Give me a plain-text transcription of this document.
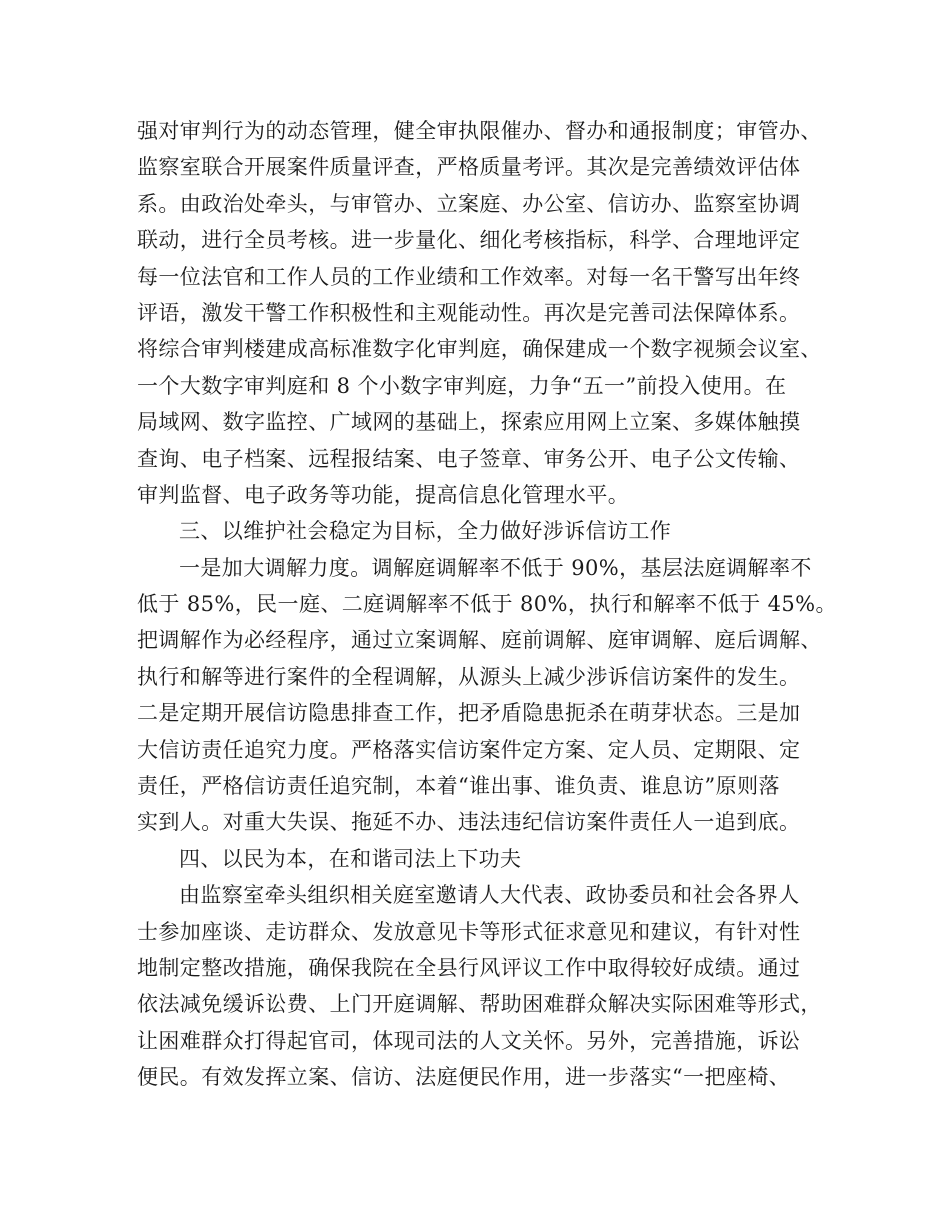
强对审判行为的动态管理，健全审执限催办、督办和通报制度；审管办、
监察室联合开展案件质量评查，严格质量考评。其次是完善绩效评估体
系。由政治处牵头，与审管办、立案庭、办公室、信访办、监察室协调
联动，进行全员考核。进一步量化、细化考核指标，科学、合理地评定
每一位法官和工作人员的工作业绩和工作效率。对每一名干警写出年终
评语，激发干警工作积极性和主观能动性。再次是完善司法保障体系。
将综合审判楼建成高标准数字化审判庭，确保建成一个数字视频会议室、
一个大数字审判庭和 8 个小数字审判庭，力争“五一”前投入使用。在
局域网、数字监控、广域网的基础上，探索应用网上立案、多媒体触摸
查询、电子档案、远程报结案、电子签章、审务公开、电子公文传输、
审判监督、电子政务等功能，提高信息化管理水平。
三、以维护社会稳定为目标，全力做好涉诉信访工作
一是加大调解力度。调解庭调解率不低于 90%，基层法庭调解率不
低于 85%，民一庭、二庭调解率不低于 80%，执行和解率不低于 45%。
把调解作为必经程序，通过立案调解、庭前调解、庭审调解、庭后调解、
执行和解等进行案件的全程调解，从源头上减少涉诉信访案件的发生。
二是定期开展信访隐患排查工作，把矛盾隐患扼杀在萌芽状态。三是加
大信访责任追究力度。严格落实信访案件定方案、定人员、定期限、定
责任，严格信访责任追究制，本着“谁出事、谁负责、谁息访”原则落
实到人。对重大失误、拖延不办、违法违纪信访案件责任人一追到底。
四、以民为本，在和谐司法上下功夫
由监察室牵头组织相关庭室邀请人大代表、政协委员和社会各界人
士参加座谈、走访群众、发放意见卡等形式征求意见和建议，有针对性
地制定整改措施，确保我院在全县行风评议工作中取得较好成绩。通过
依法减免缓诉讼费、上门开庭调解、帮助困难群众解决实际困难等形式，
让困难群众打得起官司，体现司法的人文关怀。另外，完善措施，诉讼
便民。有效发挥立案、信访、法庭便民作用，进一步落实“一把座椅、
